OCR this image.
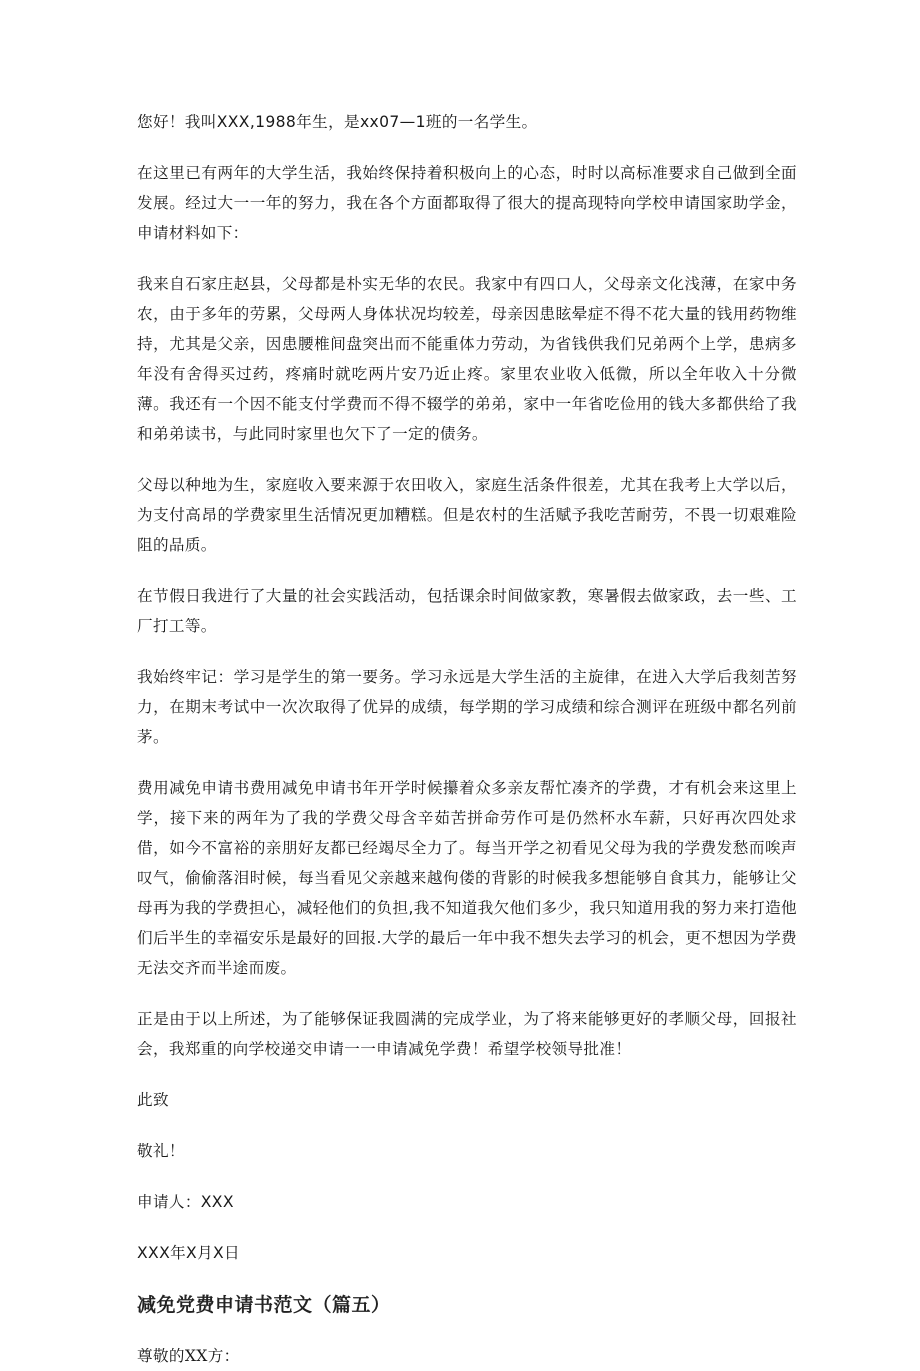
您好！我叫XXX,1988年生，是xx07—1班的一名学生。

在这里已有两年的大学生活，我始终保持着积极向上的心态，时时以高标准要求自己做到全面发展。经过大一一年的努力，我在各个方面都取得了很大的提高现特向学校申请国家助学金，申请材料如下：

我来自石家庄赵县，父母都是朴实无华的农民。我家中有四口人，父母亲文化浅薄，在家中务农，由于多年的劳累，父母两人身体状况均较差，母亲因患眩晕症不得不花大量的钱用药物维持，尤其是父亲，因患腰椎间盘突出而不能重体力劳动，为省钱供我们兄弟两个上学，患病多年没有舍得买过药，疼痛时就吃两片安乃近止疼。家里农业收入低微，所以全年收入十分微薄。我还有一个因不能支付学费而不得不辍学的弟弟，家中一年省吃俭用的钱大多都供给了我和弟弟读书，与此同时家里也欠下了一定的债务。

父母以种地为生，家庭收入要来源于农田收入，家庭生活条件很差，尤其在我考上大学以后，为支付高昂的学费家里生活情况更加糟糕。但是农村的生活赋予我吃苦耐劳，不畏一切艰难险阻的品质。

在节假日我进行了大量的社会实践活动，包括课余时间做家教，寒暑假去做家政，去一些、工厂打工等。

我始终牢记：学习是学生的第一要务。学习永远是大学生活的主旋律，在进入大学后我刻苦努力，在期末考试中一次次取得了优异的成绩，每学期的学习成绩和综合测评在班级中都名列前茅。

费用减免申请书费用减免申请书年开学时候攥着众多亲友帮忙凑齐的学费，才有机会来这里上学，接下来的两年为了我的学费父母含辛茹苦拼命劳作可是仍然杯水车薪，只好再次四处求借，如今不富裕的亲朋好友都已经竭尽全力了。每当开学之初看见父母为我的学费发愁而唉声叹气，偷偷落泪时候，每当看见父亲越来越佝偻的背影的时候我多想能够自食其力，能够让父母再为我的学费担心，减轻他们的负担,我不知道我欠他们多少，我只知道用我的努力来打造他们后半生的幸福安乐是最好的回报.大学的最后一年中我不想失去学习的机会，更不想因为学费无法交齐而半途而废。

正是由于以上所述，为了能够保证我圆满的完成学业，为了将来能够更好的孝顺父母，回报社会，我郑重的向学校递交申请一一申请减免学费！希望学校领导批准！

此致

敬礼！

申请人：XXX

XXX年X月X日

减免党费申请书范文（篇五）

尊敬的XX方：
